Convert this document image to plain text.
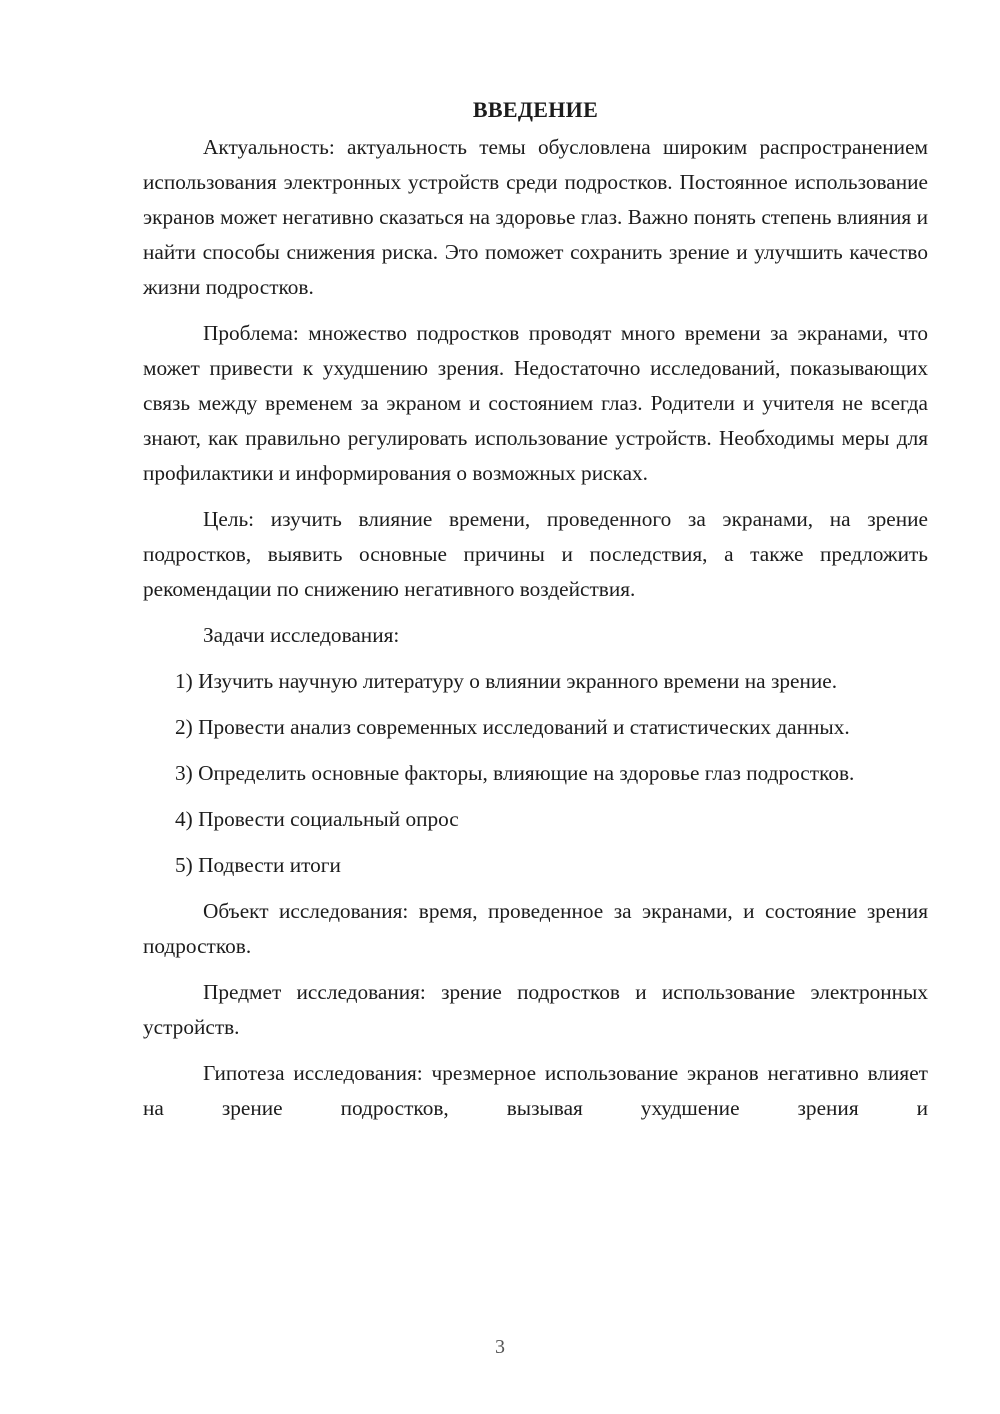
ВВЕДЕНИЕ

Актуальность: актуальность темы обусловлена широким распространением использования электронных устройств среди подростков. Постоянное использование экранов может негативно сказаться на здоровье глаз. Важно понять степень влияния и найти способы снижения риска. Это поможет сохранить зрение и улучшить качество жизни подростков.

Проблема: множество подростков проводят много времени за экранами, что может привести к ухудшению зрения. Недостаточно исследований, показывающих связь между временем за экраном и состоянием глаз. Родители и учителя не всегда знают, как правильно регулировать использование устройств. Необходимы меры для профилактики и информирования о возможных рисках.

Цель: изучить влияние времени, проведенного за экранами, на зрение подростков, выявить основные причины и последствия, а также предложить рекомендации по снижению негативного воздействия.

Задачи исследования:

1) Изучить научную литературу о влиянии экранного времени на зрение.

2) Провести анализ современных исследований и статистических данных.

3) Определить основные факторы, влияющие на здоровье глаз подростков.

4) Провести социальный опрос

5) Подвести итоги

Объект исследования: время, проведенное за экранами, и состояние зрения подростков.

Предмет исследования: зрение подростков и использование электронных устройств.

Гипотеза исследования: чрезмерное использование экранов негативно влияет на зрение подростков, вызывая ухудшение зрения и

3
